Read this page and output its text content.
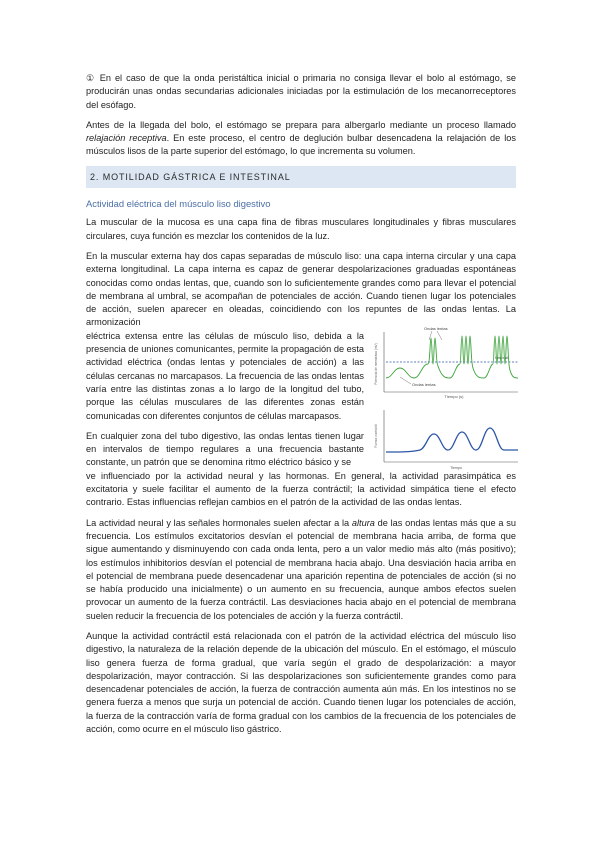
① En el caso de que la onda peristáltica inicial o primaria no consiga llevar el bolo al estómago, se producirán unas ondas secundarias adicionales iniciadas por la estimulación de los mecanorreceptores del esófago.

Antes de la llegada del bolo, el estómago se prepara para albergarlo mediante un proceso llamado relajación receptiva. En este proceso, el centro de deglución bulbar desencadena la relajación de los músculos lisos de la parte superior del estómago, lo que incrementa su volumen.

2. MOTILIDAD GÁSTRICA E INTESTINAL
Actividad eléctrica del músculo liso digestivo

La muscular de la mucosa es una capa fina de fibras musculares longitudinales y fibras musculares circulares, cuya función es mezclar los contenidos de la luz.

En la muscular externa hay dos capas separadas de músculo liso: una capa interna circular y una capa externa longitudinal. La capa interna es capaz de generar despolarizaciones graduadas espontáneas conocidas como ondas lentas, que, cuando son lo suficientemente grandes como para llevar el potencial de membrana al umbral, se acompañan de potenciales de acción. Cuando tienen lugar los potenciales de acción, suelen aparecer en oleadas, coincidiendo con los repuntes de las ondas lentas. La armonización

Potencial de membrana (mV)
Tiempo (s)
Ondas lentas
Umbral
Ondas lentas
Fuerza contráctil
Tiempo

eléctrica extensa entre las células de músculo liso, debida a la presencia de uniones comunicantes, permite la propagación de esta actividad eléctrica (ondas lentas y potenciales de acción) a las células cercanas no marcapasos. La frecuencia de las ondas lentas varía entre las distintas zonas a lo largo de la longitud del tubo, porque las células musculares de las diferentes zonas están comunicadas con diferentes conjuntos de células marcapasos.

En cualquier zona del tubo digestivo, las ondas lentas tienen lugar en intervalos de tiempo regulares a una frecuencia bastante constante, un patrón que se denomina ritmo eléctrico básico y se

ve influenciado por la actividad neural y las hormonas. En general, la actividad parasimpática es excitatoria y suele facilitar el aumento de la fuerza contráctil; la actividad simpática tiene el efecto contrario. Estas influencias reflejan cambios en el patrón de la actividad de las ondas lentas.

La actividad neural y las señales hormonales suelen afectar a la altura de las ondas lentas más que a su frecuencia. Los estímulos excitatorios desvían el potencial de membrana hacia arriba, de forma que sigue aumentando y disminuyendo con cada onda lenta, pero a un valor medio más alto (más positivo); los estímulos inhibitorios desvían el potencial de membrana hacia abajo. Una desviación hacia arriba en el potencial de membrana puede desencadenar una aparición repentina de potenciales de acción (si no se había producido una inicialmente) o un aumento en su frecuencia, aunque ambos efectos suelen provocar un aumento de la fuerza contráctil. Las desviaciones hacia abajo en el potencial de membrana suelen reducir la frecuencia de los potenciales de acción y la fuerza contráctil.

Aunque la actividad contráctil está relacionada con el patrón de la actividad eléctrica del músculo liso digestivo, la naturaleza de la relación depende de la ubicación del músculo. En el estómago, el músculo liso genera fuerza de forma gradual, que varía según el grado de despolarización: a mayor despolarización, mayor contracción. Si las despolarizaciones son suficientemente grandes como para desencadenar potenciales de acción, la fuerza de contracción aumenta aún más. En los intestinos no se genera fuerza a menos que surja un potencial de acción. Cuando tienen lugar los potenciales de acción, la fuerza de la contracción varía de forma gradual con los cambios de la frecuencia de los potenciales de acción, como ocurre en el músculo liso gástrico.
